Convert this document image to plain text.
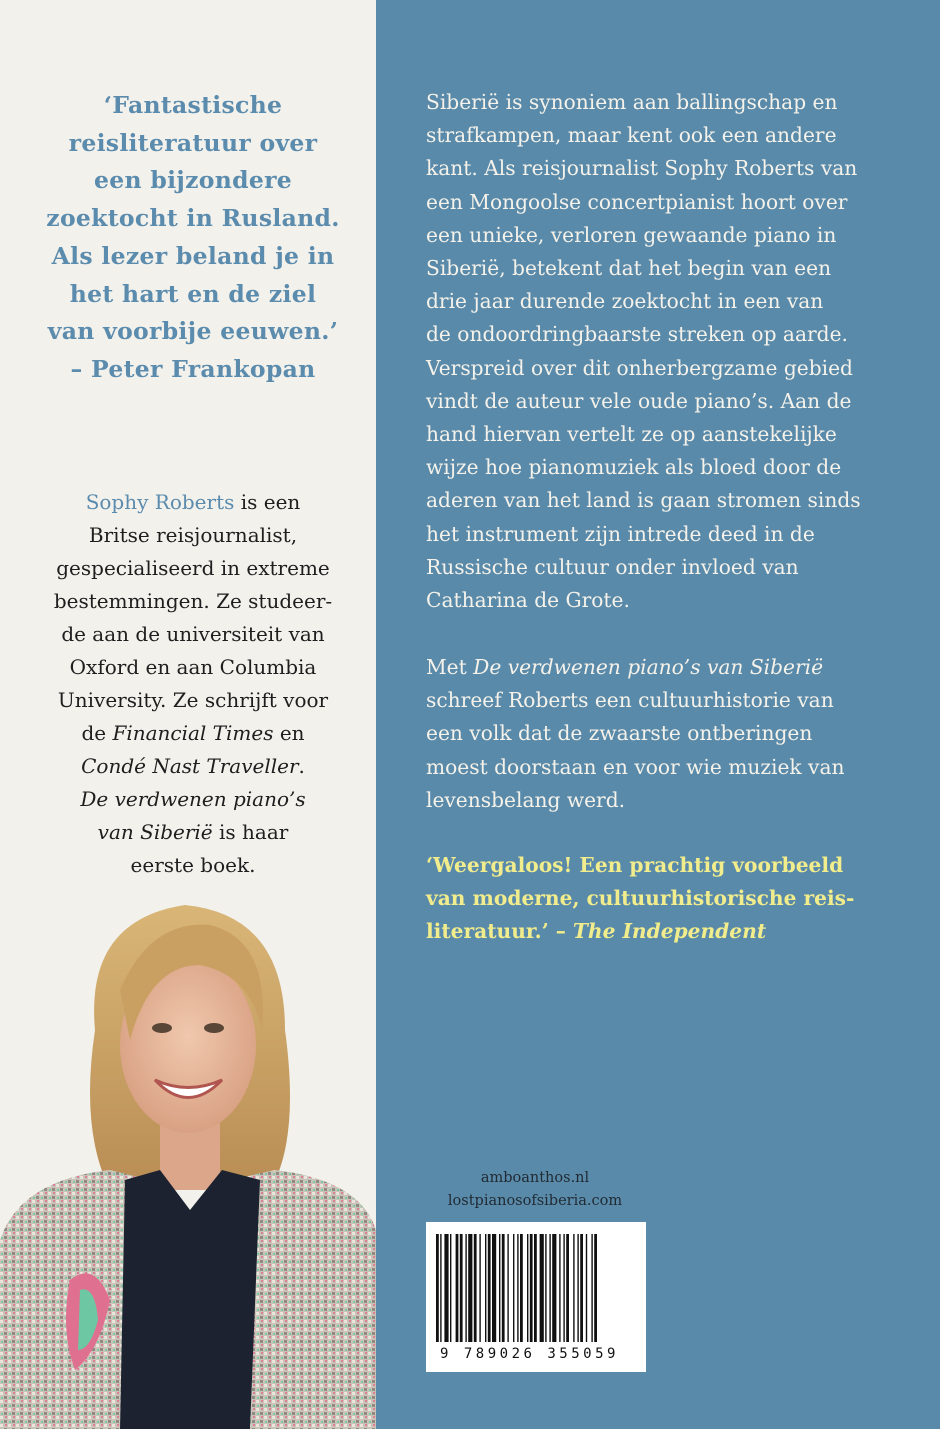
‘Fantastische
reisliteratuur over
een bijzondere
zoektocht in Rusland.
Als lezer beland je in
het hart en de ziel
van voorbije eeuwen.’
– Peter Frankopan
Sophy Roberts is een
Britse reisjournalist,
gespecialiseerd in extreme
bestemmingen. Ze studeer-
de aan de universiteit van
Oxford en aan Columbia
University. Ze schrijft voor
de Financial Times en
Condé Nast Traveller.
De verdwenen piano’s
van Siberië is haar
eerste boek.
Siberië is synoniem aan ballingschap en
strafkampen, maar kent ook een andere
kant. Als reisjournalist Sophy Roberts van
een Mongoolse concertpianist hoort over
een unieke, verloren gewaande piano in
Siberië, betekent dat het begin van een
drie jaar durende zoektocht in een van
de ondoordringbaarste streken op aarde.
Verspreid over dit onherbergzame gebied
vindt de auteur vele oude piano’s. Aan de
hand hiervan vertelt ze op aanstekelijke
wijze hoe pianomuziek als bloed door de
aderen van het land is gaan stromen sinds
het instrument zijn intrede deed in de
Russische cultuur onder invloed van
Catharina de Grote.
Met De verdwenen piano’s van Siberië
schreef Roberts een cultuurhistorie van
een volk dat de zwaarste ontberingen
moest doorstaan en voor wie muziek van
levensbelang werd.
‘Weergaloos! Een prachtig voorbeeld
van moderne, cultuurhistorische reis-
literatuur.’ – The Independent
amboanthos.nl
lostpianosofsiberia.com
9 789026 355059
